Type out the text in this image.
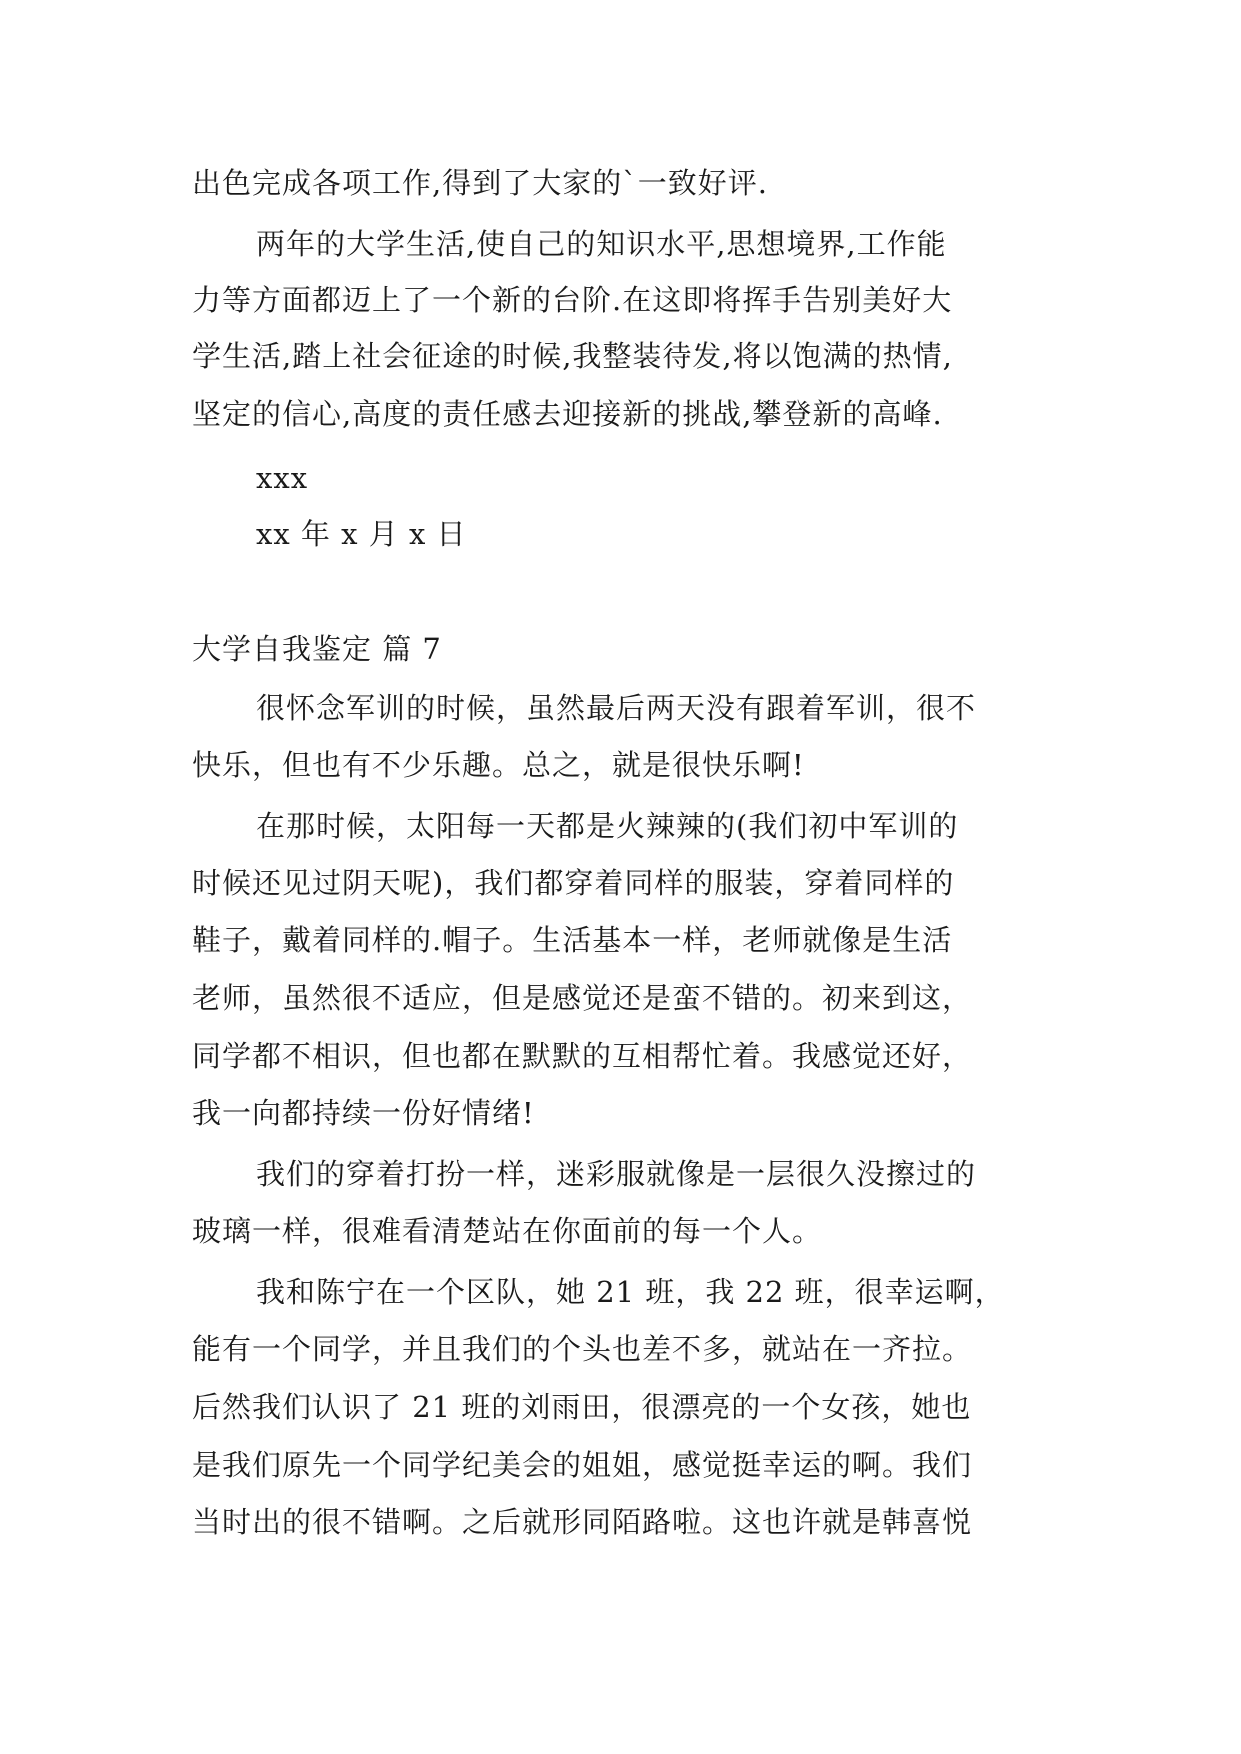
出色完成各项工作,得到了大家的`一致好评.
两年的大学生活,使自己的知识水平,思想境界,工作能
力等方面都迈上了一个新的台阶.在这即将挥手告别美好大
学生活,踏上社会征途的时候,我整装待发,将以饱满的热情,
坚定的信心,高度的责任感去迎接新的挑战,攀登新的高峰.
xxx
xx 年 x 月 x 日
大学自我鉴定 篇 7
很怀念军训的时候，虽然最后两天没有跟着军训，很不
快乐，但也有不少乐趣。总之，就是很快乐啊!
在那时候，太阳每一天都是火辣辣的(我们初中军训的
时候还见过阴天呢)，我们都穿着同样的服装，穿着同样的
鞋子，戴着同样的.帽子。生活基本一样，老师就像是生活
老师，虽然很不适应，但是感觉还是蛮不错的。初来到这，
同学都不相识，但也都在默默的互相帮忙着。我感觉还好，
我一向都持续一份好情绪!
我们的穿着打扮一样，迷彩服就像是一层很久没擦过的
玻璃一样，很难看清楚站在你面前的每一个人。
我和陈宁在一个区队，她 21 班，我 22 班，很幸运啊，
能有一个同学，并且我们的个头也差不多，就站在一齐拉。
后然我们认识了 21 班的刘雨田，很漂亮的一个女孩，她也
是我们原先一个同学纪美会的姐姐，感觉挺幸运的啊。我们
当时出的很不错啊。之后就形同陌路啦。这也许就是韩喜悦
